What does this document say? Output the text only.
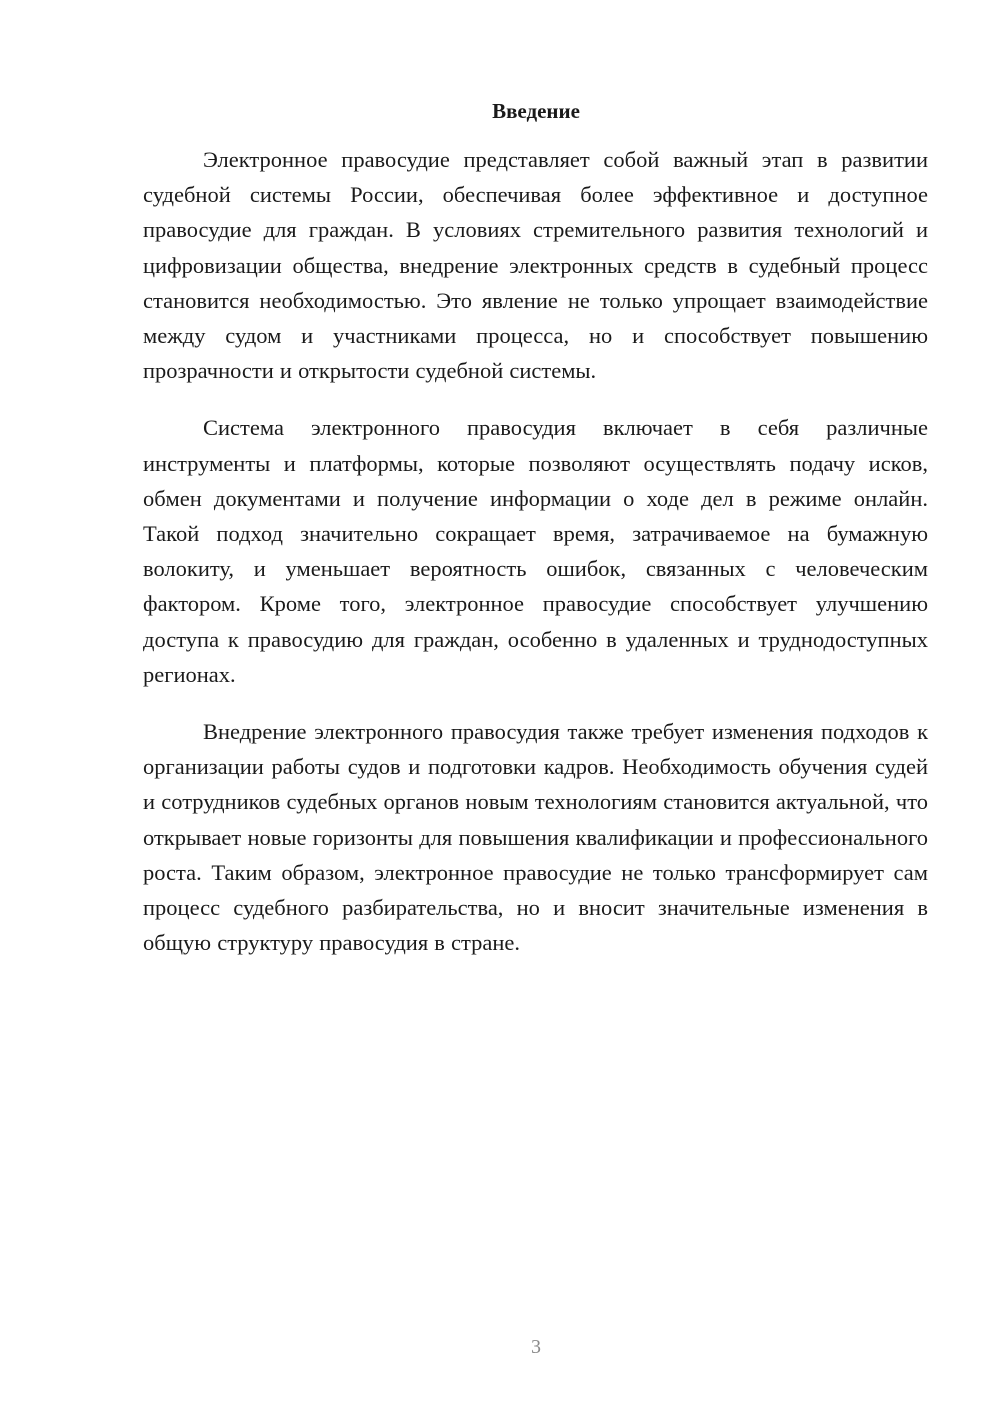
Введение

Электронное правосудие представляет собой важный этап в развитии судебной системы России, обеспечивая более эффективное и доступное правосудие для граждан. В условиях стремительного развития технологий и цифровизации общества, внедрение электронных средств в судебный процесс становится необходимостью. Это явление не только упрощает взаимодействие между судом и участниками процесса, но и способствует повышению прозрачности и открытости судебной системы.

Система электронного правосудия включает в себя различные инструменты и платформы, которые позволяют осуществлять подачу исков, обмен документами и получение информации о ходе дел в режиме онлайн. Такой подход значительно сокращает время, затрачиваемое на бумажную волокиту, и уменьшает вероятность ошибок, связанных с человеческим фактором. Кроме того, электронное правосудие способствует улучшению доступа к правосудию для граждан, особенно в удаленных и труднодоступных регионах.

Внедрение электронного правосудия также требует изменения подходов к организации работы судов и подготовки кадров. Необходимость обучения судей и сотрудников судебных органов новым технологиям становится актуальной, что открывает новые горизонты для повышения квалификации и профессионального роста. Таким образом, электронное правосудие не только трансформирует сам процесс судебного разбирательства, но и вносит значительные изменения в общую структуру правосудия в стране.

3
